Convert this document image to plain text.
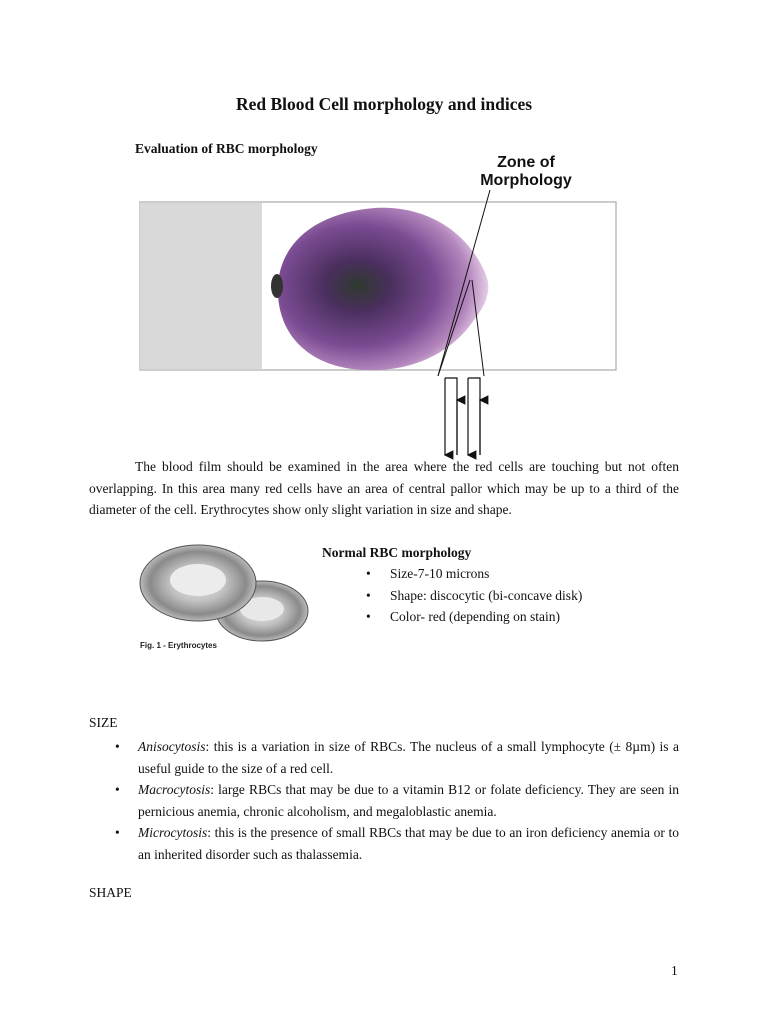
Red Blood Cell morphology and indices
Evaluation of RBC morphology
Zone of
Morphology
The blood film should be examined in the area where the red cells are touching but not often overlapping. In this area many red cells have an area of central pallor which may be up to a third of the diameter of the cell. Erythrocytes show only slight variation in size and shape.
Fig. 1 - Erythrocytes
Normal RBC morphology
• Size-7-10 microns
• Shape: discocytic (bi-concave disk)
• Color- red (depending on stain)
SIZE
• Anisocytosis: this is a variation in size of RBCs. The nucleus of a small lymphocyte (± 8µm) is a useful guide to the size of a red cell.
• Macrocytosis: large RBCs that may be due to a vitamin B12 or folate deficiency. They are seen in pernicious anemia, chronic alcoholism, and megaloblastic anemia.
• Microcytosis: this is the presence of small RBCs that may be due to an iron deficiency anemia or to an inherited disorder such as thalassemia.
SHAPE
1
